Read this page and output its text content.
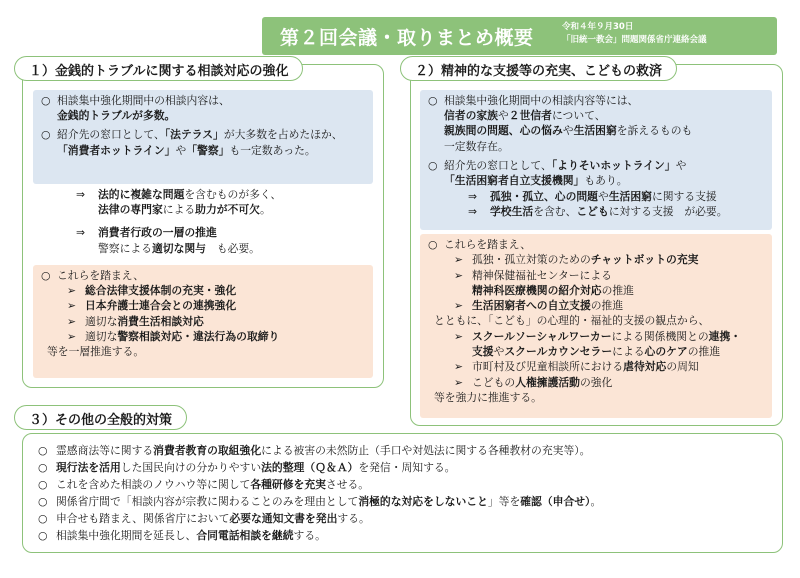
第２回会議・取りまとめ概要	令和４年９月30日
「旧統一教会」問題関係省庁連絡会議
１）金銭的トラブルに関する相談対応の強化
○ 相談集中強化期間中の相談内容は、
金銭的トラブルが多数。
○ 紹介先の窓口として、「法テラス」が大多数を占めたほか、
「消費者ホットライン」や「警察」も一定数あった。
⇒ 法的に複雑な問題を含むものが多く、
法律の専門家による助力が不可欠。
⇒ 消費者行政の一層の推進
警察による適切な関与　 も必要。
○ これらを踏まえ、
➢ 総合法律支援体制の充実・強化
➢ 日本弁護士連合会との連携強化
➢ 適切な消費生活相談対応
➢ 適切な警察相談対応・違法行為の取締り
等を一層推進する。
２）精神的な支援等の充実、こどもの救済
○ 相談集中強化期間中の相談内容等には、
信者の家族や２世信者について、
親族間の問題、心の悩みや生活困窮を訴えるものも
一定数存在。
○ 紹介先の窓口として、「よりそいホットライン」や
「生活困窮者自立支援機関」もあり。
⇒ 孤独・孤立、心の問題や生活困窮に関する支援
⇒ 学校生活を含む、こどもに対する支援　が必要。
○ これらを踏まえ、
➢ 孤独・孤立対策のためのチャットボットの充実
➢ 精神保健福祉センターによる
精神科医療機関の紹介対応の推進
➢ 生活困窮者への自立支援の推進
とともに、「こども」の心理的・福祉的支援の観点から、
➢ スクールソーシャルワーカーによる関係機関との連携・
支援やスクールカウンセラーによる心のケアの推進
➢ 市町村及び児童相談所における虐待対応の周知
➢ こどもの人権擁護活動の強化
等を強力に推進する。
３）その他の全般的対策
○ 霊感商法等に関する消費者教育の取組強化による被害の未然防止（手口や対処法に関する各種教材の充実等）。
○ 現行法を活用した国民向けの分かりやすい法的整理（Ｑ＆Ａ）を発信・周知する。
○ これを含めた相談のノウハウ等に関して各種研修を充実させる。
○ 関係省庁間で「相談内容が宗教に関わることのみを理由として消極的な対応をしないこと」等を確認（申合せ）。
○ 申合せも踏まえ、関係省庁において必要な通知文書を発出する。
○ 相談集中強化期間を延長し、合同電話相談を継続する。
